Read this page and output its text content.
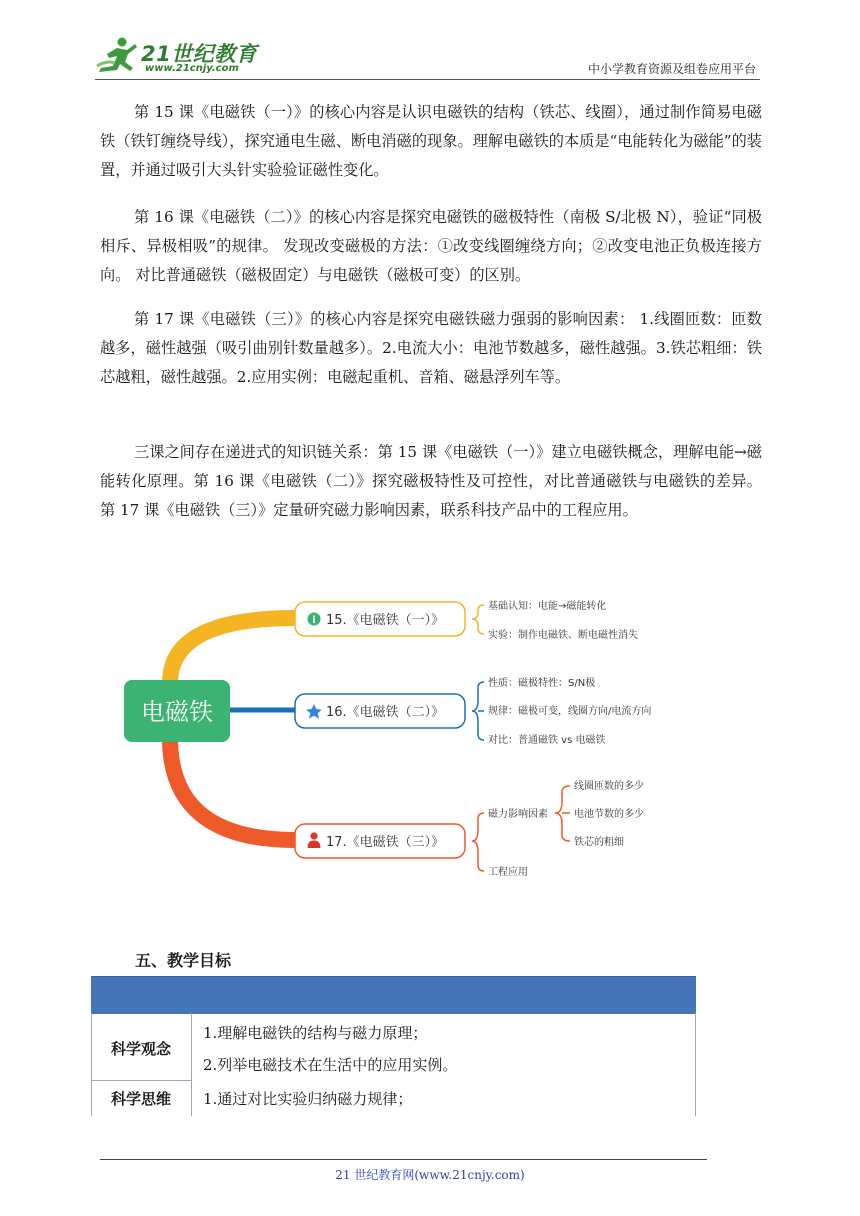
21世纪教育
www.21cnjy.com	中小学教育资源及组卷应用平台

第 15 课《电磁铁（一）》的核心内容是认识电磁铁的结构（铁芯、线圈），通过制作简易电磁铁（铁钉缠绕导线），探究通电生磁、断电消磁的现象。理解电磁铁的本质是“电能转化为磁能”的装置，并通过吸引大头针实验验证磁性变化。

第 16 课《电磁铁（二）》的核心内容是探究电磁铁的磁极特性（南极 S/北极 N），验证“同极相斥、异极相吸”的规律。 发现改变磁极的方法：①改变线圈缠绕方向；②改变电池正负极连接方向。 对比普通磁铁（磁极固定）与电磁铁（磁极可变）的区别。

第 17 课《电磁铁（三）》的核心内容是探究电磁铁磁力强弱的影响因素： 1.线圈匝数：匝数越多，磁性越强（吸引曲别针数量越多）。2.电流大小：电池节数越多，磁性越强。3.铁芯粗细：铁芯越粗，磁性越强。2.应用实例：电磁起重机、音箱、磁悬浮列车等。

三课之间存在递进式的知识链关系：第 15 课《电磁铁（一）》建立电磁铁概念，理解电能→磁能转化原理。第 16 课《电磁铁（二）》探究磁极特性及可控性，对比普通磁铁与电磁铁的差异。 第 17 课《电磁铁（三）》定量研究磁力影响因素，联系科技产品中的工程应用。

电磁铁
i 15.《电磁铁（一）》
16.《电磁铁（二）》
17.《电磁铁（三）》
基础认知：电能→磁能转化
实验：制作电磁铁、断电磁性消失
性质：磁极特性：S/N极
规律：磁极可变，线圈方向/电流方向
对比：普通磁铁 vs 电磁铁
磁力影响因素
工程应用
线圈匝数的多少
电池节数的多少
铁芯的粗细
五、教学目标
科学观念
1.理解电磁铁的结构与磁力原理；
2.列举电磁技术在生活中的应用实例。
科学思维	1.通过对比实验归纳磁力规律；
21 世纪教育网(www.21cnjy.com)
